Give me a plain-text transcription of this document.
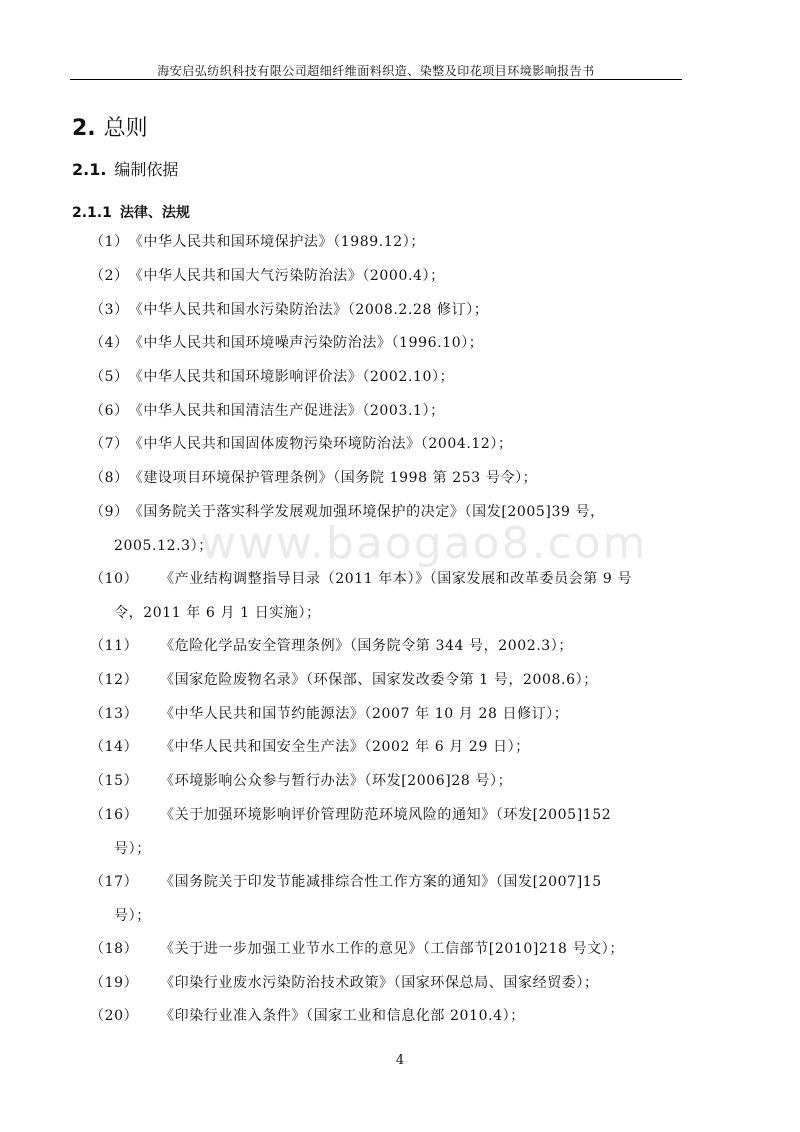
海安启弘纺织科技有限公司超细纤维面料织造、染整及印花项目环境影响报告书
2. 总则
2.1. 编制依据
2.1.1 法律、法规
（1）《中华人民共和国环境保护法》（1989.12）；
（2）《中华人民共和国大气污染防治法》（2000.4）；
（3）《中华人民共和国水污染防治法》（2008.2.28 修订）；
（4）《中华人民共和国环境噪声污染防治法》（1996.10）；
（5）《中华人民共和国环境影响评价法》（2002.10）；
（6）《中华人民共和国清洁生产促进法》（2003.1）；
（7）《中华人民共和国固体废物污染环境防治法》（2004.12）；
（8）《建设项目环境保护管理条例》（国务院 1998 第 253 号令）；
（9）《国务院关于落实科学发展观加强环境保护的决定》（国发[2005]39 号，
2005.12.3）；
（10） 《产业结构调整指导目录（2011 年本）》（国家发展和改革委员会第 9 号
令，2011 年 6 月 1 日实施）；
（11） 《危险化学品安全管理条例》（国务院令第 344 号，2002.3）；
（12） 《国家危险废物名录》（环保部、国家发改委令第 1 号，2008.6）；
（13） 《中华人民共和国节约能源法》（2007 年 10 月 28 日修订）；
（14） 《中华人民共和国安全生产法》（2002 年 6 月 29 日）；
（15） 《环境影响公众参与暂行办法》（环发[2006]28 号）；
（16） 《关于加强环境影响评价管理防范环境风险的通知》（环发[2005]152
号）；
（17） 《国务院关于印发节能减排综合性工作方案的通知》（国发[2007]15
号）；
（18） 《关于进一步加强工业节水工作的意见》（工信部节[2010]218 号文）；
（19） 《印染行业废水污染防治技术政策》（国家环保总局、国家经贸委）；
（20） 《印染行业准入条件》（国家工业和信息化部 2010.4）；
www.baogao8.com
4
